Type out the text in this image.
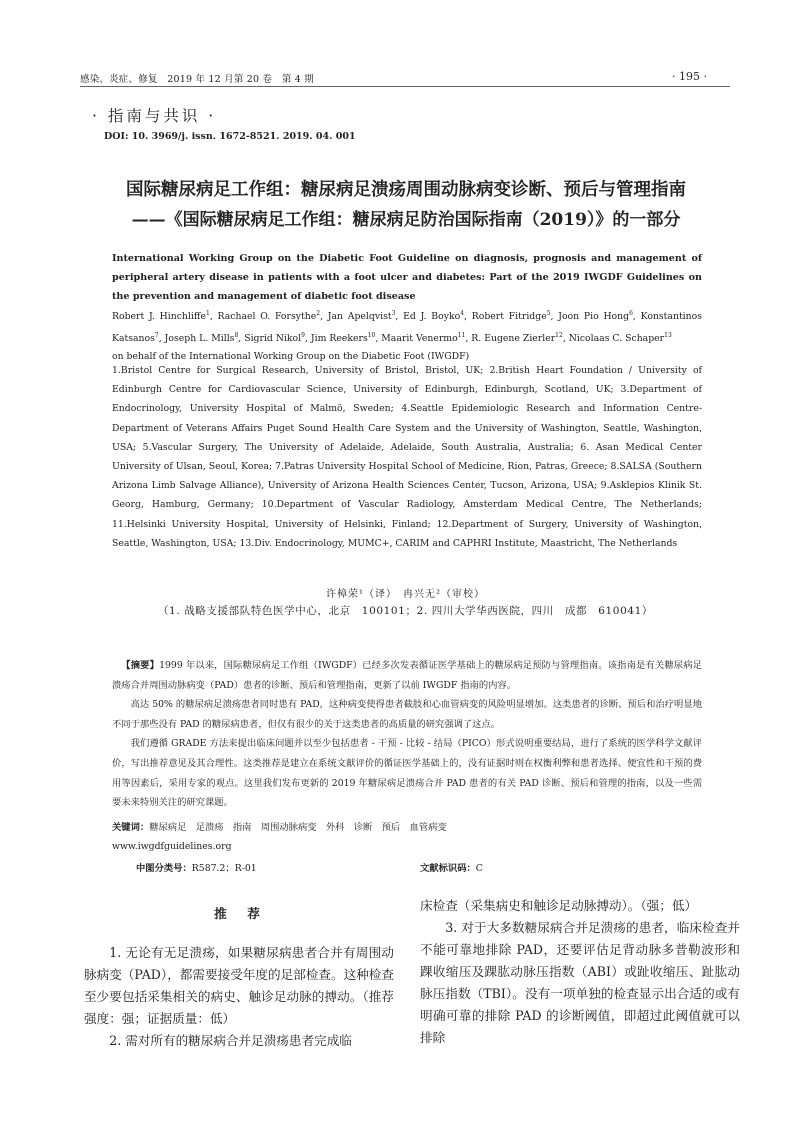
感染、炎症、修复　2019 年 12 月第 20 卷　第 4 期	· 195 ·
· 指南与共识 ·
DOI: 10. 3969/j. issn. 1672-8521. 2019. 04. 001
国际糖尿病足工作组：糖尿病足溃疡周围动脉病变诊断、预后与管理指南
——《国际糖尿病足工作组：糖尿病足防治国际指南（2019）》的一部分
International Working Group on the Diabetic Foot Guideline on diagnosis, prognosis and management of peripheral artery disease in patients with a foot ulcer and diabetes: Part of the 2019 IWGDF Guidelines on the prevention and management of diabetic foot disease
Robert J. Hinchliffe$^1$, Rachael O. Forsythe$^2$, Jan Apelqvist$^3$, Ed J. Boyko$^4$, Robert Fitridge$^5$, Joon Pio Hong$^6$, Konstantinos Katsanos$^7$, Joseph L. Mills$^8$, Sigrid Nikol$^9$, Jim Reekers$^{10}$, Maarit Venermo$^{11}$, R. Eugene Zierler$^{12}$, Nicolaas C. Schaper$^{13}$
on behalf of the International Working Group on the Diabetic Foot (IWGDF)
1.Bristol Centre for Surgical Research, University of Bristol, Bristol, UK; 2.British Heart Foundation / University of Edinburgh Centre for Cardiovascular Science, University of Edinburgh, Edinburgh, Scotland, UK; 3.Department of Endocrinology, University Hospital of Malmö, Sweden; 4.Seattle Epidemiologic Research and Information Centre-Department of Veterans Affairs Puget Sound Health Care System and the University of Washington, Seattle, Washington, USA; 5.Vascular Surgery, The University of Adelaide, Adelaide, South Australia, Australia; 6. Asan Medical Center University of Ulsan, Seoul, Korea; 7.Patras University Hospital School of Medicine, Rion, Patras, Greece; 8.SALSA (Southern Arizona Limb Salvage Alliance), University of Arizona Health Sciences Center, Tucson, Arizona, USA; 9.Asklepios Klinik St. Georg, Hamburg, Germany; 10.Department of Vascular Radiology, Amsterdam Medical Centre, The Netherlands; 11.Helsinki University Hospital, University of Helsinki, Finland; 12.Department of Surgery, University of Washington, Seattle, Washington, USA; 13.Div. Endocrinology, MUMC+, CARIM and CAPHRI Institute, Maastricht, The Netherlands
许樟荣¹（译）　冉兴无²（审校）
（1. 战略支援部队特色医学中心，北京　100101；2. 四川大学华西医院，四川　成都　610041）

【摘要】1999 年以来，国际糖尿病足工作组（IWGDF）已经多次发表循证医学基础上的糖尿病足预防与管理指南。该指南是有关糖尿病足溃疡合并周围动脉病变（PAD）患者的诊断、预后和管理指南，更新了以前 IWGDF 指南的内容。

高达 50% 的糖尿病足溃疡患者同时患有 PAD，这种病变使得患者截肢和心血管病变的风险明显增加。这类患者的诊断、预后和治疗明显地不同于那些没有 PAD 的糖尿病患者，但仅有很少的关于这类患者的高质量的研究强调了这点。

我们遵循 GRADE 方法来提出临床问题并以至少包括患者 - 干预 - 比较 - 结局（PICO）形式说明重要结局，进行了系统的医学科学文献评价，写出推荐意见及其合理性。这类推荐是建立在系统文献评价的循证医学基础上的，没有证据时则在权衡利弊和患者选择、便宜性和干预的费用等因素后，采用专家的观点。这里我们发布更新的 2019 年糖尿病足溃疡合并 PAD 患者的有关 PAD 诊断、预后和管理的指南，以及一些需要未来特别关注的研究课题。

关键词：糖尿病足　足溃疡　指南　周围动脉病变　外科　诊断　预后　血管病变
www.iwgdfguidelines.org
中图分类号：R587.2；R-01	文献标识码：C
推　荐

1. 无论有无足溃疡，如果糖尿病患者合并有周围动脉病变（PAD），都需要接受年度的足部检查。这种检查至少要包括采集相关的病史、触诊足动脉的搏动。（推荐强度：强；证据质量：低）

2. 需对所有的糖尿病合并足溃疡患者完成临

床检查（采集病史和触诊足动脉搏动）。（强；低）

3. 对于大多数糖尿病合并足溃疡的患者，临床检查并不能可靠地排除 PAD，还要评估足背动脉多普勒波形和踝收缩压及踝肱动脉压指数（ABI）或趾收缩压、趾肱动脉压指数（TBI）。没有一项单独的检查显示出合适的或有明确可靠的排除 PAD 的诊断阈值，即超过此阈值就可以排除
